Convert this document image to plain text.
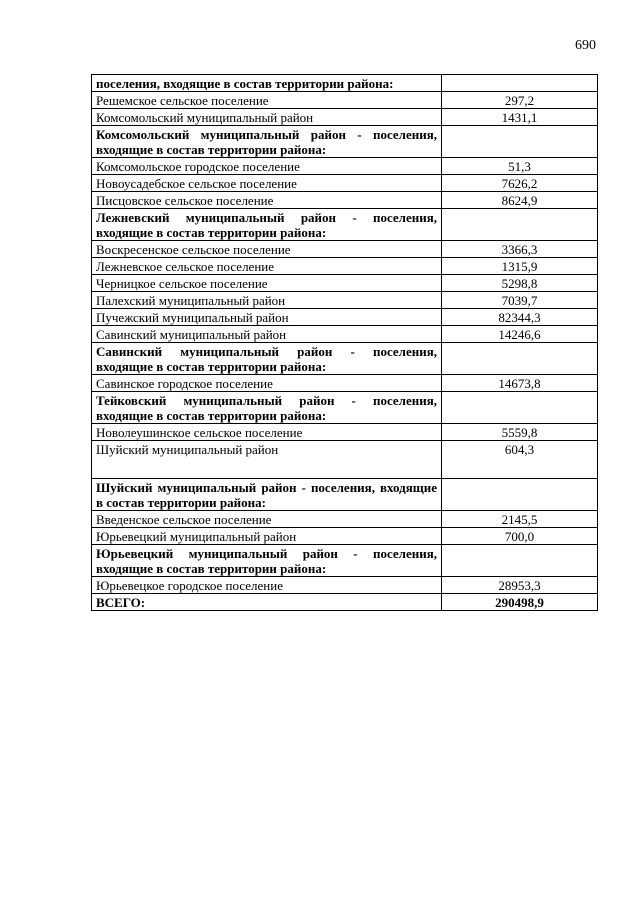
690
поселения, входящие в состав территории района:	
Решемское сельское поселение	297,2
Комсомольский муниципальный район	1431,1
Комсомольский муниципальный район - поселения, входящие в состав территории района:	
Комсомольское городское поселение	51,3
Новоусадебское сельское поселение	7626,2
Писцовское сельское поселение	8624,9
Лежневский муниципальный район - поселения, входящие в состав территории района:	
Воскресенское сельское поселение	3366,3
Лежневское сельское поселение	1315,9
Черницкое сельское поселение	5298,8
Палехский муниципальный район	7039,7
Пучежский муниципальный район	82344,3
Савинский муниципальный район	14246,6
Савинский муниципальный район - поселения, входящие в состав территории района:	
Савинское городское поселение	14673,8
Тейковский муниципальный район - поселения, входящие в состав территории района:	
Новолеушинское сельское поселение	5559,8
Шуйский муниципальный район	604,3
Шуйский муниципальный район - поселения, входящие в состав территории района:	
Введенское сельское поселение	2145,5
Юрьевецкий муниципальный район	700,0
Юрьевецкий муниципальный район - поселения, входящие в состав территории района:	
Юрьевецкое городское поселение	28953,3
ВСЕГО:	290498,9
